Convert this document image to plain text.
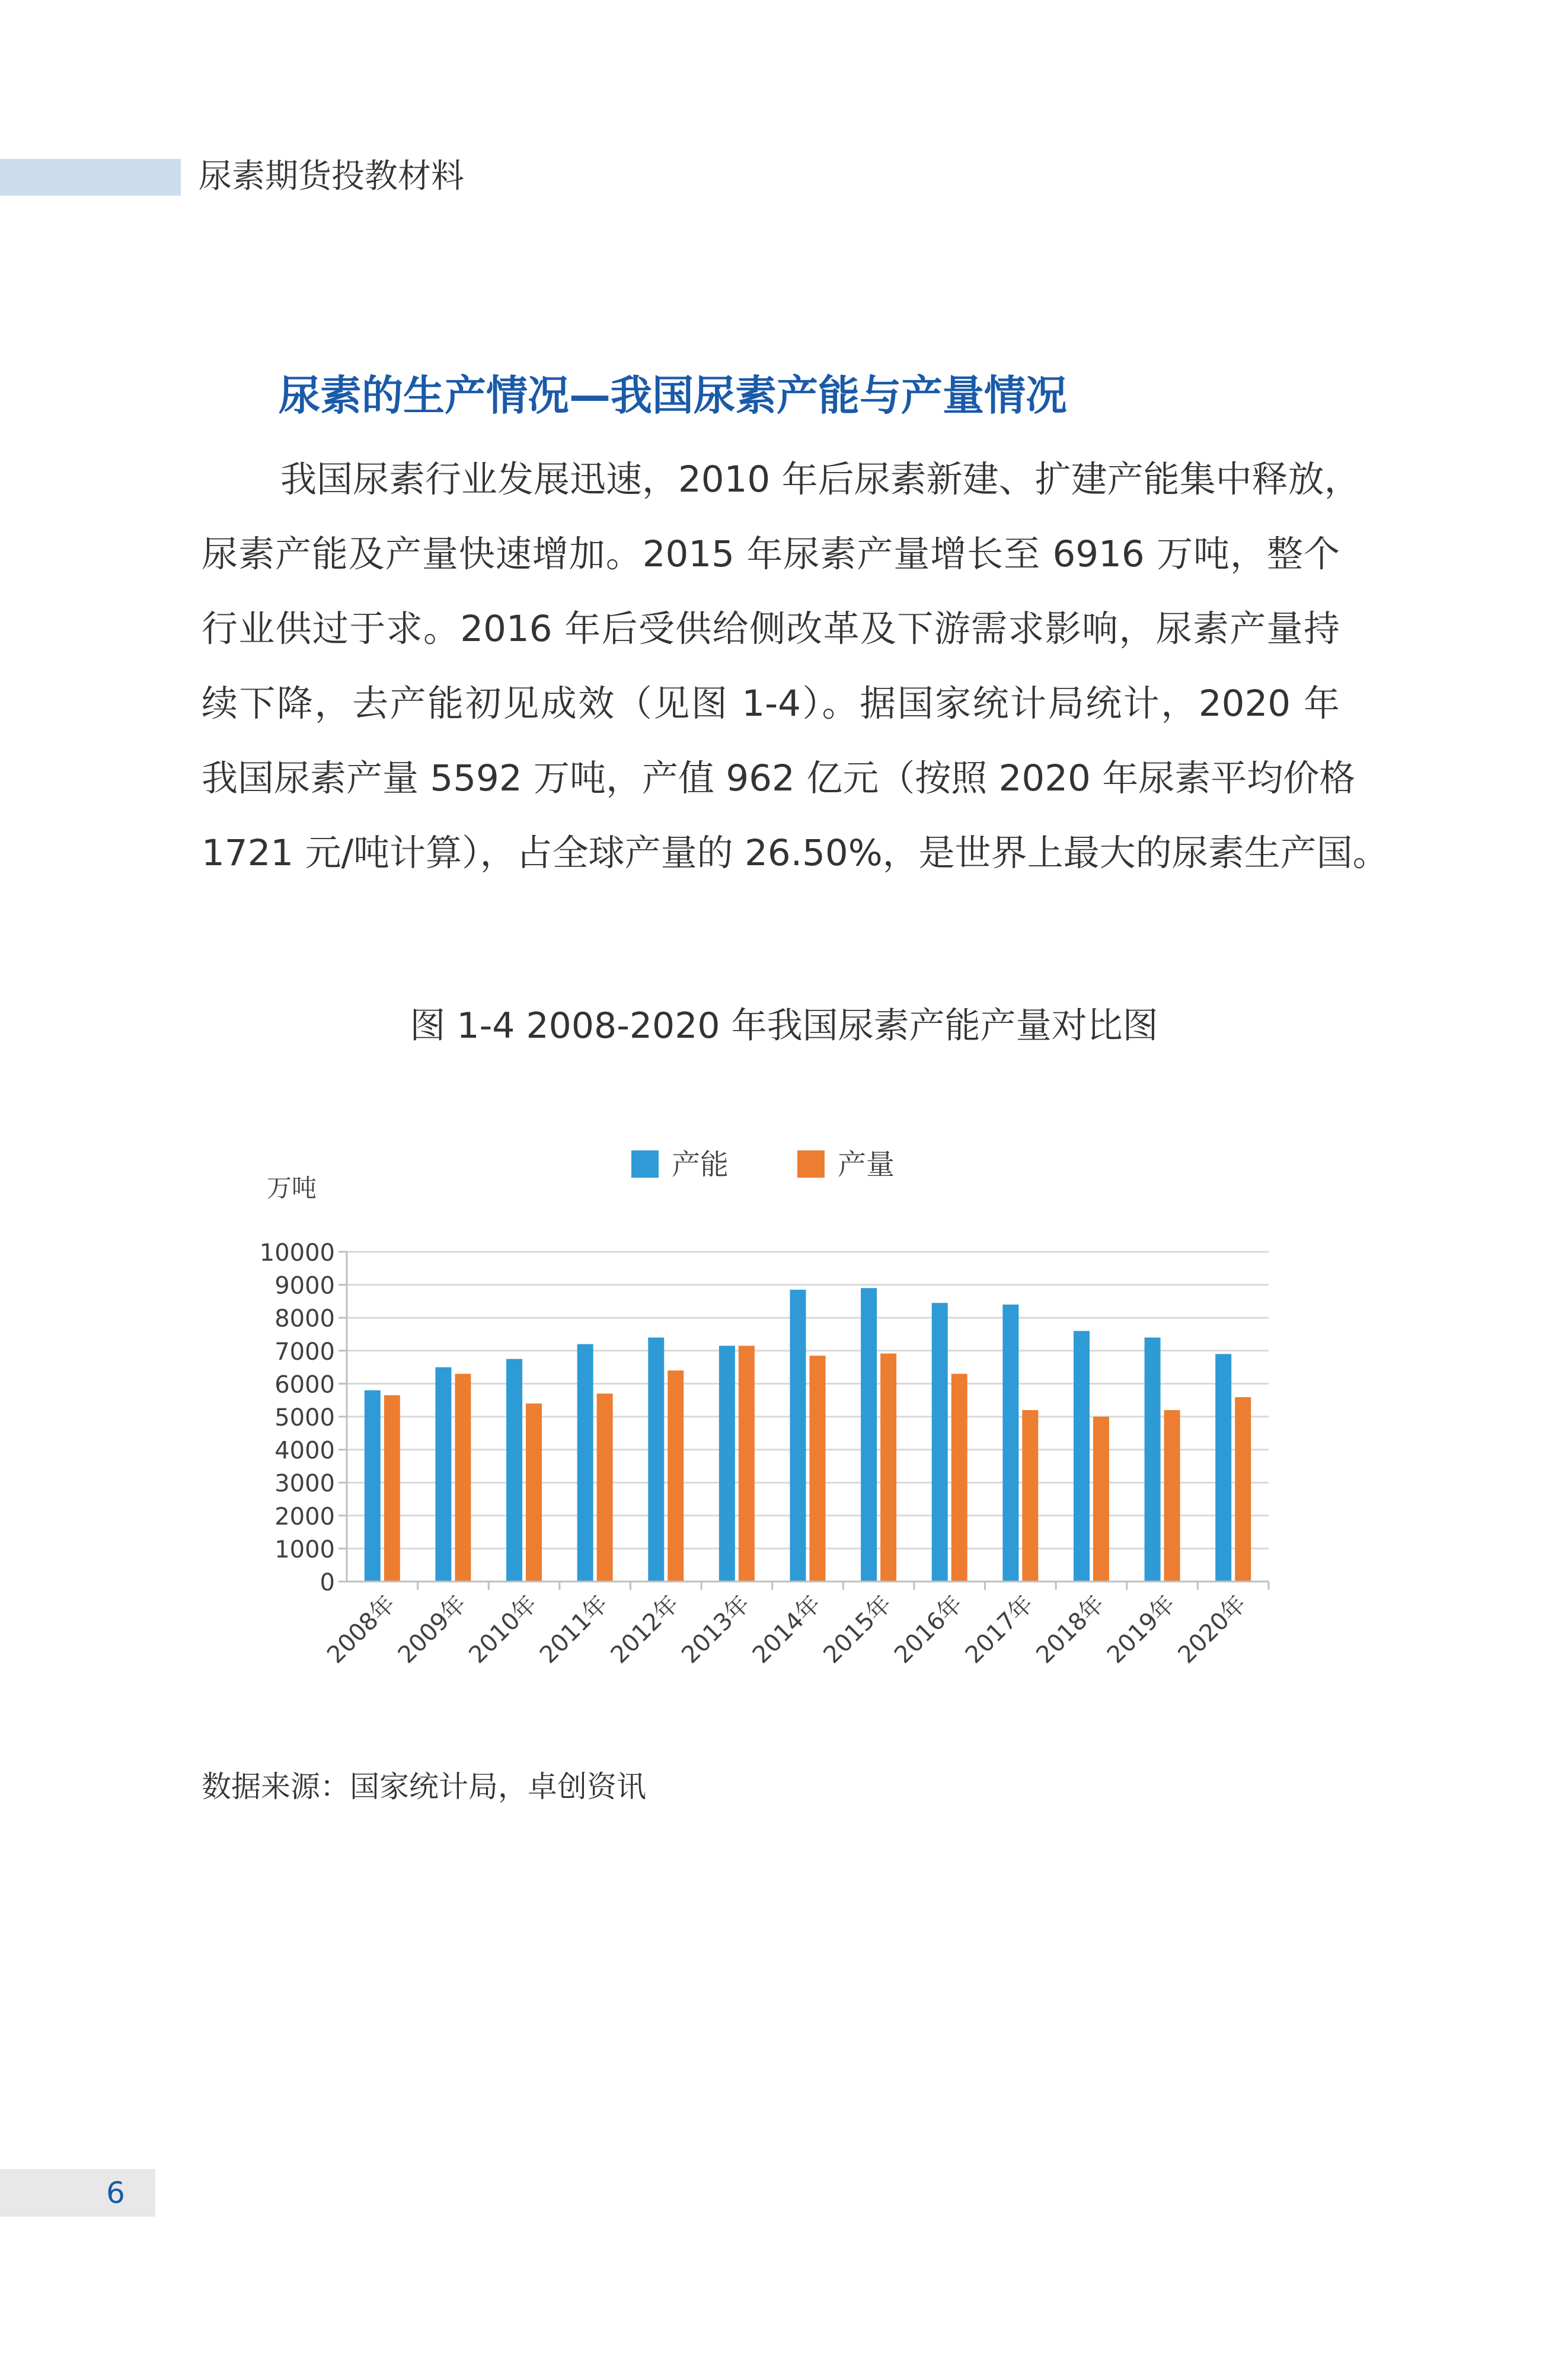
尿素期货投教材料
尿素的生产情况—我国尿素产能与产量情况
我国尿素行业发展迅速，2010 年后尿素新建、扩建产能集中释放，
尿素产能及产量快速增加。2015 年尿素产量增长至 6916 万吨，整个
行业供过于求。2016 年后受供给侧改革及下游需求影响，尿素产量持
续下降，去产能初见成效（见图 1-4）。据国家统计局统计，2020 年
我国尿素产量 5592 万吨，产值 962 亿元（按照 2020 年尿素平均价格
1721 元/吨计算），占全球产量的 26.50%，是世界上最大的尿素生产国。
图 1-4 2008-2020 年我国尿素产能产量对比图
0
1000
2000
3000
4000
5000
6000
7000
8000
9000
10000
万吨
2008年
2009年
2010年
2011年
2012年
2013年
2014年
2015年
2016年
2017年
2018年
2019年
2020年
产能	产量
数据来源：国家统计局，卓创资讯
6
